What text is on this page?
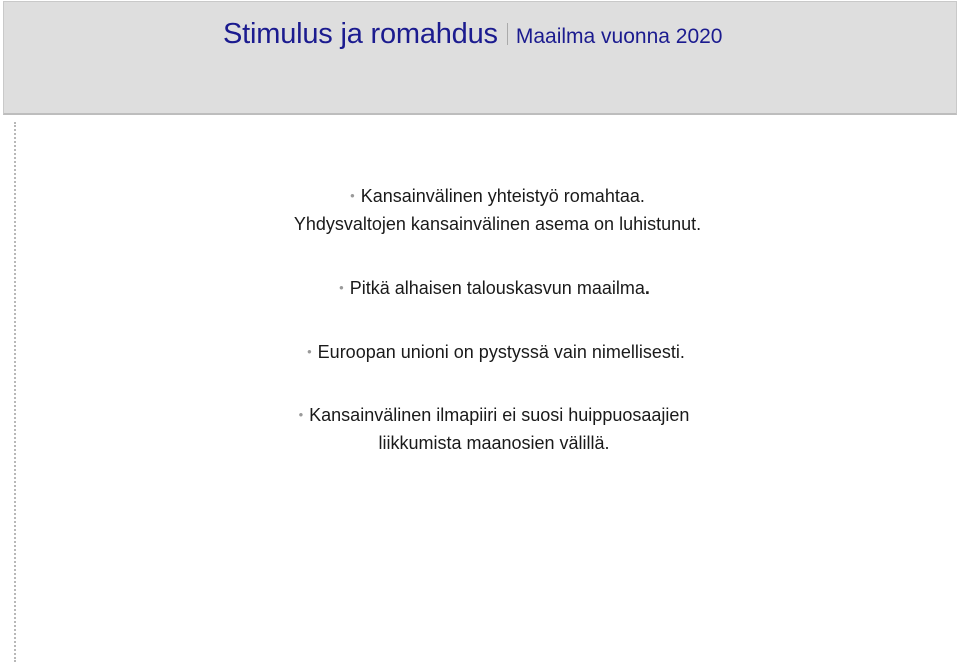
Stimulus ja romahdus Maailma vuonna 2020
• Kansainvälinen yhteistyö romahtaa.
Yhdysvaltojen kansainvälinen asema on luhistunut.
• Pitkä alhaisen talouskasvun maailma.
• Euroopan unioni on pystyssä vain nimellisesti.
• Kansainvälinen ilmapiiri ei suosi huippuosaajien
liikkumista maanosien välillä.
